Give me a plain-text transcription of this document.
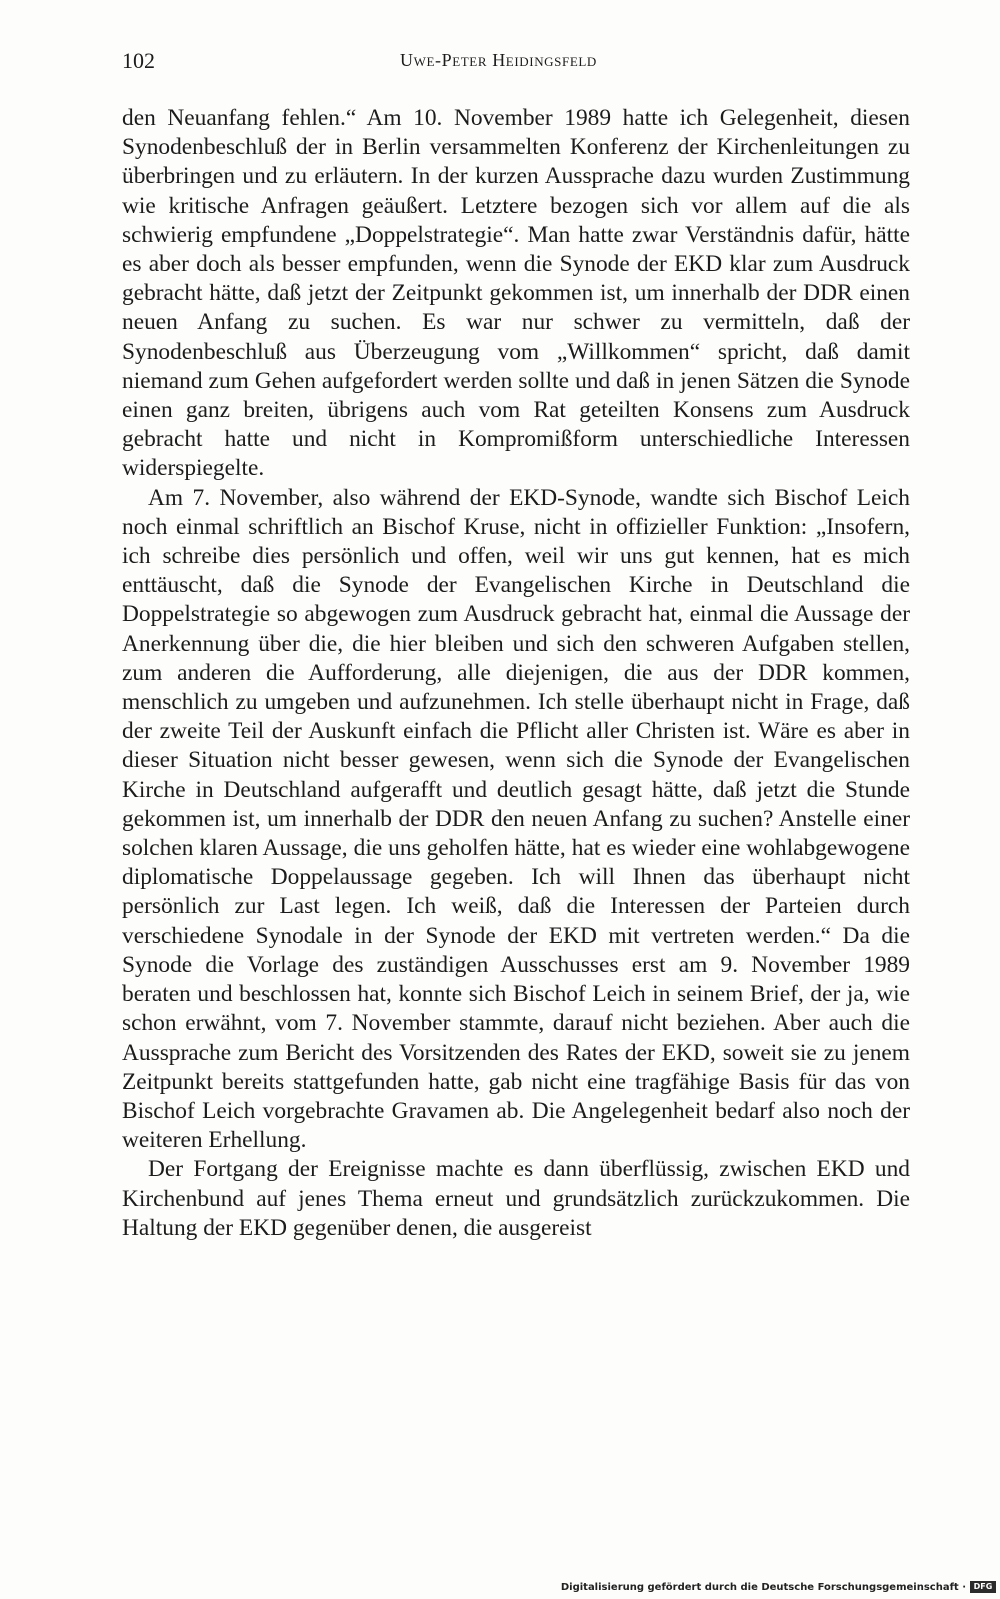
102	Uwe-Peter Heidingsfeld

den Neuanfang fehlen.“ Am 10. November 1989 hatte ich Gelegenheit, diesen Synodenbeschluß der in Berlin versammelten Konferenz der Kirchenleitungen zu überbringen und zu erläutern. In der kurzen Aussprache dazu wurden Zustimmung wie kritische Anfragen geäußert. Letztere bezogen sich vor allem auf die als schwierig empfundene „Doppelstrategie“. Man hatte zwar Verständnis dafür, hätte es aber doch als besser empfunden, wenn die Synode der EKD klar zum Ausdruck gebracht hätte, daß jetzt der Zeitpunkt gekommen ist, um innerhalb der DDR einen neuen Anfang zu suchen. Es war nur schwer zu vermitteln, daß der Synodenbeschluß aus Überzeugung vom „Willkommen“ spricht, daß damit niemand zum Gehen aufgefordert werden sollte und daß in jenen Sätzen die Synode einen ganz breiten, übrigens auch vom Rat geteilten Konsens zum Ausdruck gebracht hatte und nicht in Kompromißform unterschiedliche Interessen widerspiegelte.

Am 7. November, also während der EKD-Synode, wandte sich Bischof Leich noch einmal schriftlich an Bischof Kruse, nicht in offizieller Funktion: „Insofern, ich schreibe dies persönlich und offen, weil wir uns gut kennen, hat es mich enttäuscht, daß die Synode der Evangelischen Kirche in Deutschland die Doppelstrategie so abgewogen zum Ausdruck gebracht hat, einmal die Aussage der Anerkennung über die, die hier bleiben und sich den schweren Aufgaben stellen, zum anderen die Aufforderung, alle diejenigen, die aus der DDR kommen, menschlich zu umgeben und aufzunehmen. Ich stelle überhaupt nicht in Frage, daß der zweite Teil der Auskunft einfach die Pflicht aller Christen ist. Wäre es aber in dieser Situation nicht besser gewesen, wenn sich die Synode der Evangelischen Kirche in Deutschland aufgerafft und deutlich gesagt hätte, daß jetzt die Stunde gekommen ist, um innerhalb der DDR den neuen Anfang zu suchen? Anstelle einer solchen klaren Aussage, die uns geholfen hätte, hat es wieder eine wohlabgewogene diplomatische Doppelaussage gegeben. Ich will Ihnen das überhaupt nicht persönlich zur Last legen. Ich weiß, daß die Interessen der Parteien durch verschiedene Synodale in der Synode der EKD mit vertreten werden.“ Da die Synode die Vorlage des zuständigen Ausschusses erst am 9. November 1989 beraten und beschlossen hat, konnte sich Bischof Leich in seinem Brief, der ja, wie schon erwähnt, vom 7. November stammte, darauf nicht beziehen. Aber auch die Aussprache zum Bericht des Vorsitzenden des Rates der EKD, soweit sie zu jenem Zeitpunkt bereits stattgefunden hatte, gab nicht eine tragfähige Basis für das von Bischof Leich vorgebrachte Gravamen ab. Die Angelegenheit bedarf also noch der weiteren Erhellung.

Der Fortgang der Ereignisse machte es dann überflüssig, zwischen EKD und Kirchenbund auf jenes Thema erneut und grundsätzlich zurückzukommen. Die Haltung der EKD gegenüber denen, die ausgereist

Digitalisierung gefördert durch die Deutsche Forschungsgemeinschaft · DFG
